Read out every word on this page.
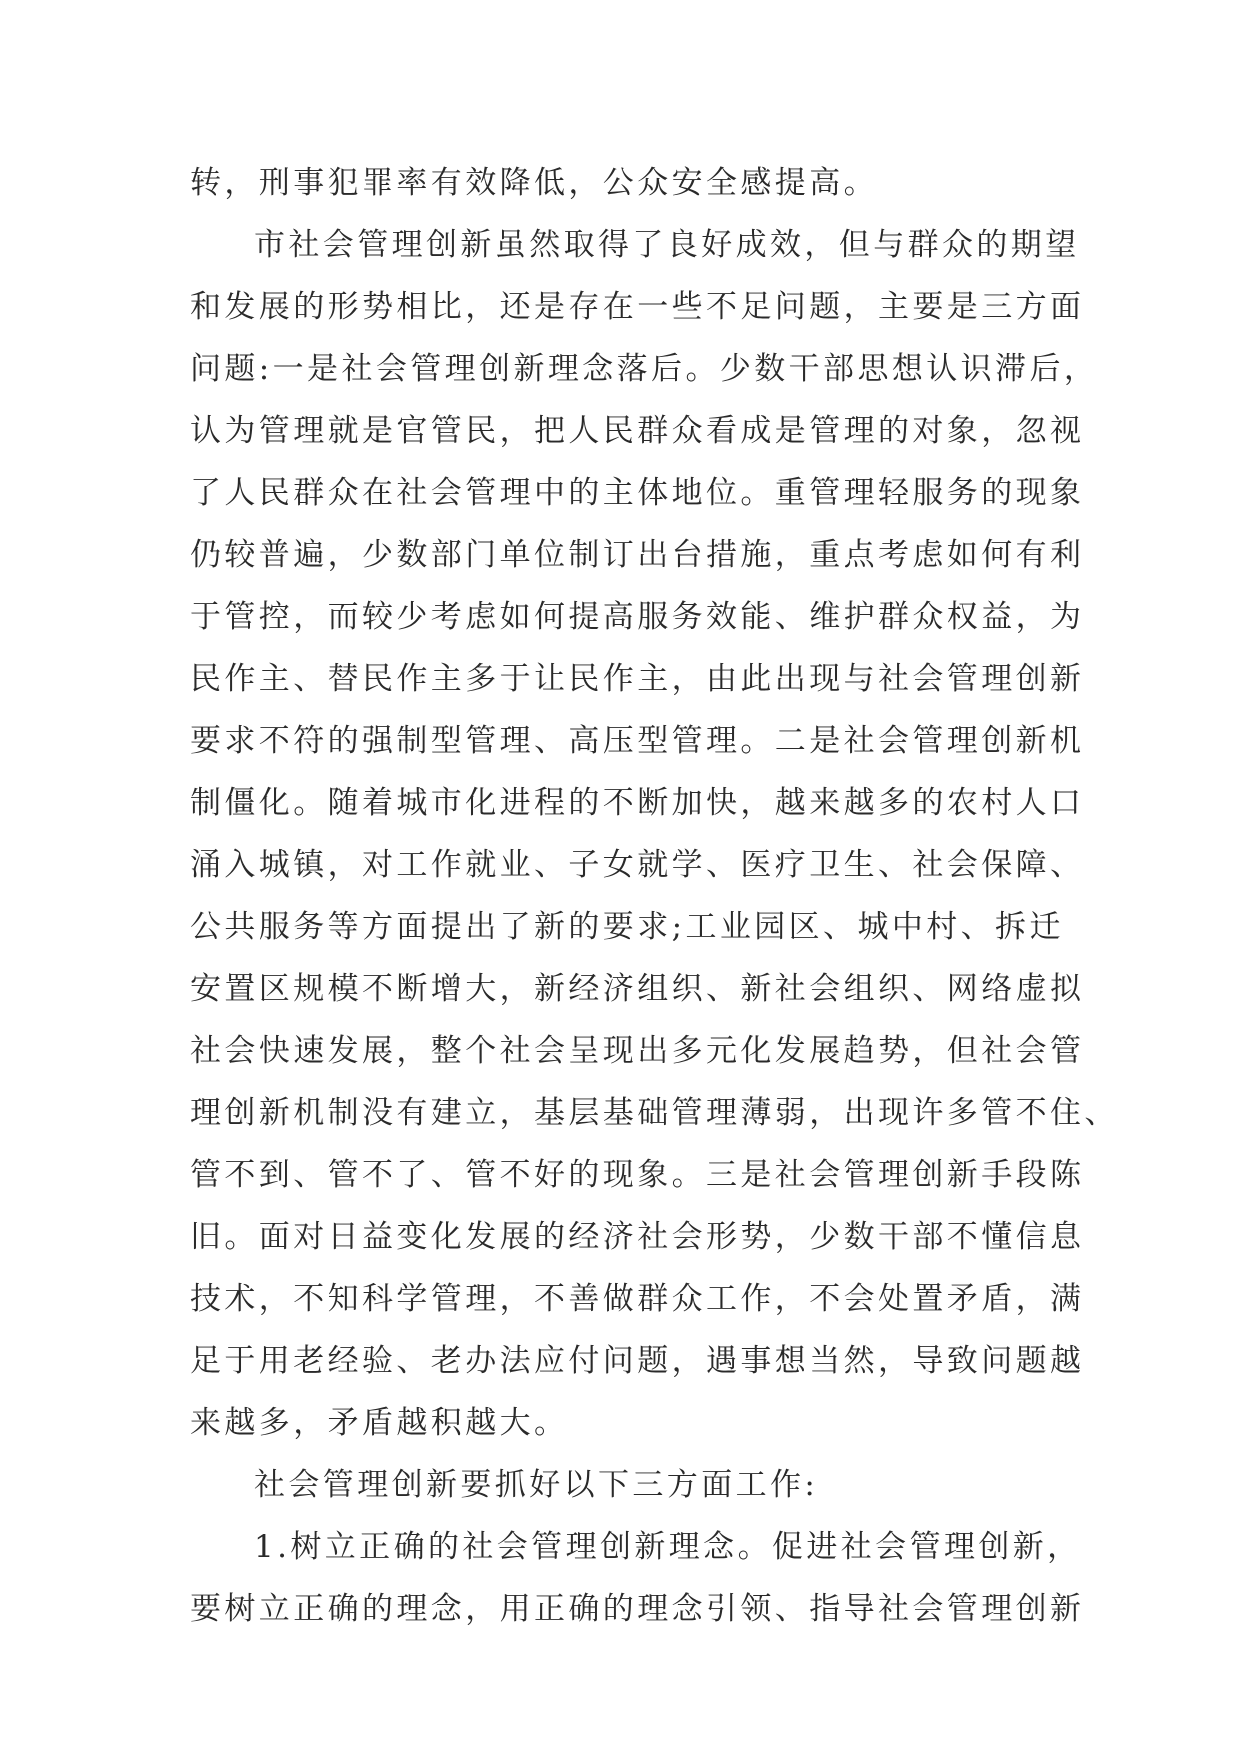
转，刑事犯罪率有效降低，公众安全感提高。
市社会管理创新虽然取得了良好成效，但与群众的期望
和发展的形势相比，还是存在一些不足问题，主要是三方面
问题:一是社会管理创新理念落后。少数干部思想认识滞后，
认为管理就是官管民，把人民群众看成是管理的对象，忽视
了人民群众在社会管理中的主体地位。重管理轻服务的现象
仍较普遍，少数部门单位制订出台措施，重点考虑如何有利
于管控，而较少考虑如何提高服务效能、维护群众权益，为
民作主、替民作主多于让民作主，由此出现与社会管理创新
要求不符的强制型管理、高压型管理。二是社会管理创新机
制僵化。随着城市化进程的不断加快，越来越多的农村人口
涌入城镇，对工作就业、子女就学、医疗卫生、社会保障、
公共服务等方面提出了新的要求;工业园区、城中村、拆迁
安置区规模不断增大，新经济组织、新社会组织、网络虚拟
社会快速发展，整个社会呈现出多元化发展趋势，但社会管
理创新机制没有建立，基层基础管理薄弱，出现许多管不住、
管不到、管不了、管不好的现象。三是社会管理创新手段陈
旧。面对日益变化发展的经济社会形势，少数干部不懂信息
技术，不知科学管理，不善做群众工作，不会处置矛盾，满
足于用老经验、老办法应付问题，遇事想当然，导致问题越
来越多，矛盾越积越大。
社会管理创新要抓好以下三方面工作:
1.树立正确的社会管理创新理念。促进社会管理创新，
要树立正确的理念，用正确的理念引领、指导社会管理创新
